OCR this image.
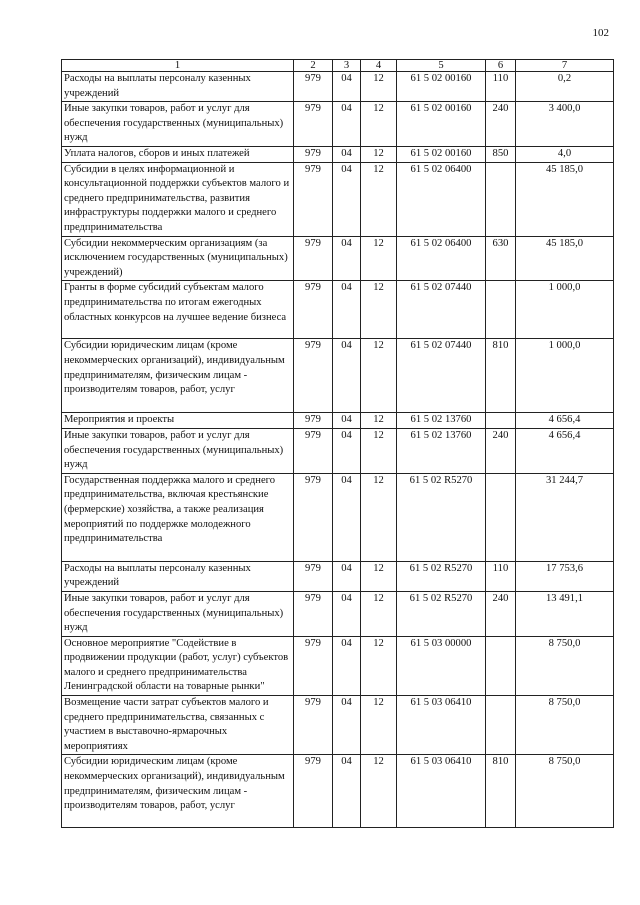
102
1	2	3	4	5	6	7
Расходы на выплаты персоналу казенных учреждений	979	04	12	61 5 02 00160	110	0,2
Иные закупки товаров, работ и услуг для обеспечения государственных (муниципальных) нужд	979	04	12	61 5 02 00160	240	3 400,0
Уплата налогов, сборов и иных платежей	979	04	12	61 5 02 00160	850	4,0
Субсидии в целях информационной и консультационной поддержки субъектов малого и среднего предпринимательства, развития инфраструктуры поддержки малого и среднего предпринимательства	979	04	12	61 5 02 06400		45 185,0
Субсидии некоммерческим организациям (за исключением государственных (муниципальных) учреждений)	979	04	12	61 5 02 06400	630	45 185,0
Гранты в форме субсидий субъектам малого предпринимательства по итогам ежегодных областных конкурсов на лучшее ведение бизнеса	979	04	12	61 5 02 07440		1 000,0
Субсидии юридическим лицам (кроме некоммерческих организаций), индивидуальным предпринимателям, физическим лицам - производителям товаров, работ, услуг	979	04	12	61 5 02 07440	810	1 000,0
Мероприятия и проекты	979	04	12	61 5 02 13760		4 656,4
Иные закупки товаров, работ и услуг для обеспечения государственных (муниципальных) нужд	979	04	12	61 5 02 13760	240	4 656,4
Государственная поддержка малого и среднего предпринимательства, включая крестьянские (фермерские) хозяйства, а также реализация мероприятий по поддержке молодежного предпринимательства	979	04	12	61 5 02 R5270		31 244,7
Расходы на выплаты персоналу казенных учреждений	979	04	12	61 5 02 R5270	110	17 753,6
Иные закупки товаров, работ и услуг для обеспечения государственных (муниципальных) нужд	979	04	12	61 5 02 R5270	240	13 491,1
Основное мероприятие "Содействие в продвижении продукции (работ, услуг) субъектов малого и среднего предпринимательства Ленинградской области на товарные рынки"	979	04	12	61 5 03 00000		8 750,0
Возмещение части затрат субъектов малого и среднего предпринимательства, связанных с участием в выставочно-ярмарочных мероприятиях	979	04	12	61 5 03 06410		8 750,0
Субсидии юридическим лицам (кроме некоммерческих организаций), индивидуальным предпринимателям, физическим лицам - производителям товаров, работ, услуг	979	04	12	61 5 03 06410	810	8 750,0
